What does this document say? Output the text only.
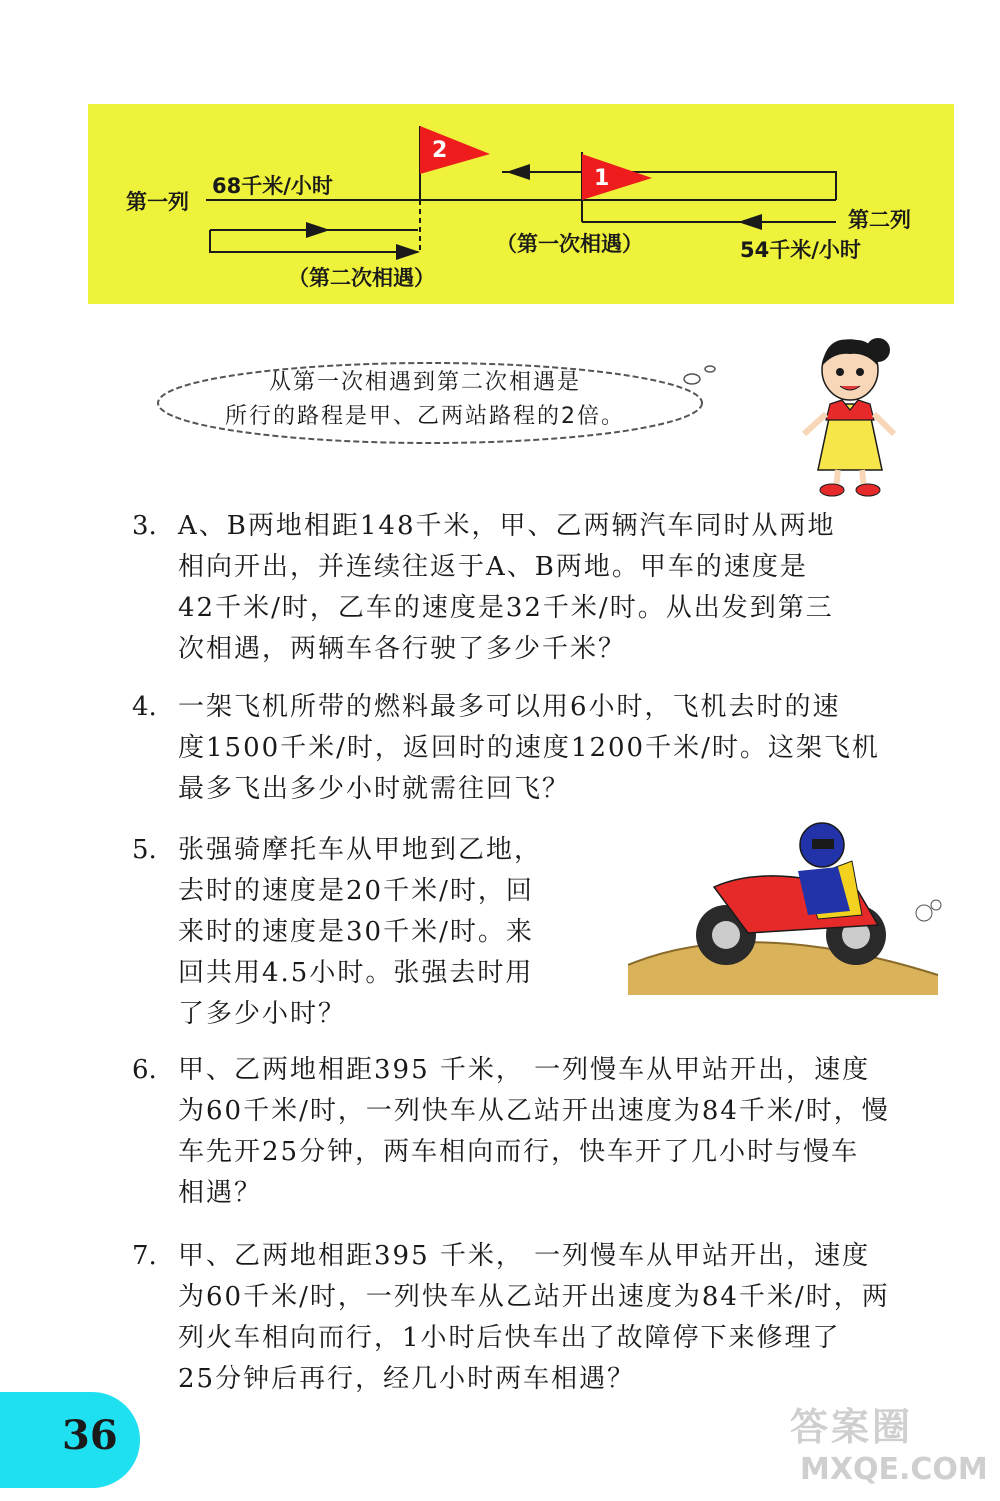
2
1
第一列
68千米/小时
第二列
54千米/小时
（第一次相遇）
（第二次相遇）
从第一次相遇到第二次相遇是
所行的路程是甲、乙两站路程的2倍。
3. A、B两地相距148千米，甲、乙两辆汽车同时从两地
相向开出，并连续往返于A、B两地。甲车的速度是
42千米/时，乙车的速度是32千米/时。从出发到第三
次相遇，两辆车各行驶了多少千米？
4. 一架飞机所带的燃料最多可以用6小时，飞机去时的速
度1500千米/时，返回时的速度1200千米/时。这架飞机
最多飞出多少小时就需往回飞？
5. 张强骑摩托车从甲地到乙地，
去时的速度是20千米/时，回
来时的速度是30千米/时。来
回共用4.5小时。张强去时用
了多少小时？
6. 甲、乙两地相距395 千米， 一列慢车从甲站开出，速度
为60千米/时，一列快车从乙站开出速度为84千米/时，慢
车先开25分钟，两车相向而行，快车开了几小时与慢车
相遇？
7. 甲、乙两地相距395 千米， 一列慢车从甲站开出，速度
为60千米/时，一列快车从乙站开出速度为84千米/时，两
列火车相向而行，1小时后快车出了故障停下来修理了
25分钟后再行，经几小时两车相遇？
36	答案圈
MXQE.COM
